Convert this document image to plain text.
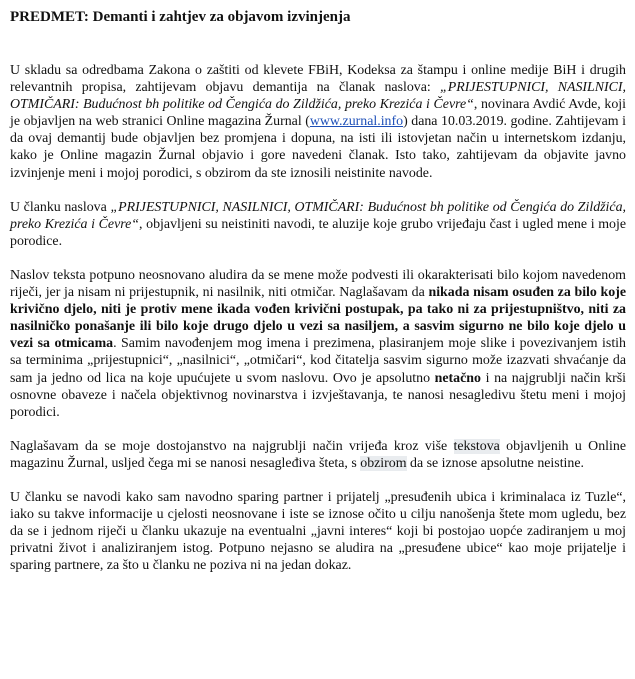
PREDMET: Demanti i zahtjev za objavom izvinjenja

U skladu sa odredbama Zakona o zaštiti od klevete FBiH, Kodeksa za štampu i online medije BiH i drugih relevantnih propisa, zahtijevam objavu demantija na članak naslova: „PRIJESTUPNICI, NASILNICI, OTMIČARI: Budućnost bh politike od Čengića do Zildžića, preko Krezića i Čevre“, novinara Avdić Avde, koji je objavljen na web stranici Online magazina Žurnal (www.zurnal.info) dana 10.03.2019. godine. Zahtijevam i da ovaj demantij bude objavljen bez promjena i dopuna, na isti ili istovjetan način u internetskom izdanju, kako je Online magazin Žurnal objavio i gore navedeni članak. Isto tako, zahtijevam da objavite javno izvinjenje meni i mojoj porodici, s obzirom da ste iznosili neistinite navode.

U članku naslova „PRIJESTUPNICI, NASILNICI, OTMIČARI: Budućnost bh politike od Čengića do Zildžića, preko Krezića i Čevre“, objavljeni su neistiniti navodi, te aluzije koje grubo vrijeđaju čast i ugled mene i moje porodice.

Naslov teksta potpuno neosnovano aludira da se mene može podvesti ili okarakterisati bilo kojom navedenom riječi, jer ja nisam ni prijestupnik, ni nasilnik, niti otmičar. Naglašavam da nikada nisam osuđen za bilo koje krivično djelo, niti je protiv mene ikada vođen krivični postupak, pa tako ni za prijestupništvo, niti za nasilničko ponašanje ili bilo koje drugo djelo u vezi sa nasiljem, a sasvim sigurno ne bilo koje djelo u vezi sa otmicama. Samim navođenjem mog imena i prezimena, plasiranjem moje slike i povezivanjem istih sa terminima „prijestupnici“, „nasilnici“, „otmičari“, kod čitatelja sasvim sigurno može izazvati shvaćanje da sam ja jedno od lica na koje upućujete u svom naslovu. Ovo je apsolutno netačno i na najgrublji način krši osnovne obaveze i načela objektivnog novinarstva i izvještavanja, te nanosi nesagledivu štetu meni i mojoj porodici.

Naglašavam da se moje dostojanstvo na najgrublji način vrijeđa kroz više tekstova objavljenih u Online magazinu Žurnal, usljed čega mi se nanosi nesagleđiva šteta, s obzirom da se iznose apsolutne neistine.

U članku se navodi kako sam navodno sparing partner i prijatelj „presuđenih ubica i kriminalaca iz Tuzle“, iako su takve informacije u cjelosti neosnovane i iste se iznose očito u cilju nanošenja štete mom ugledu, bez da se i jednom riječi u članku ukazuje na eventualni „javni interes“ koji bi postojao uopće zadiranjem u moj privatni život i analiziranjem istog. Potpuno nejasno se aludira na „presuđene ubice“ kao moje prijatelje i sparing partnere, za što u članku ne poziva ni na jedan dokaz.
